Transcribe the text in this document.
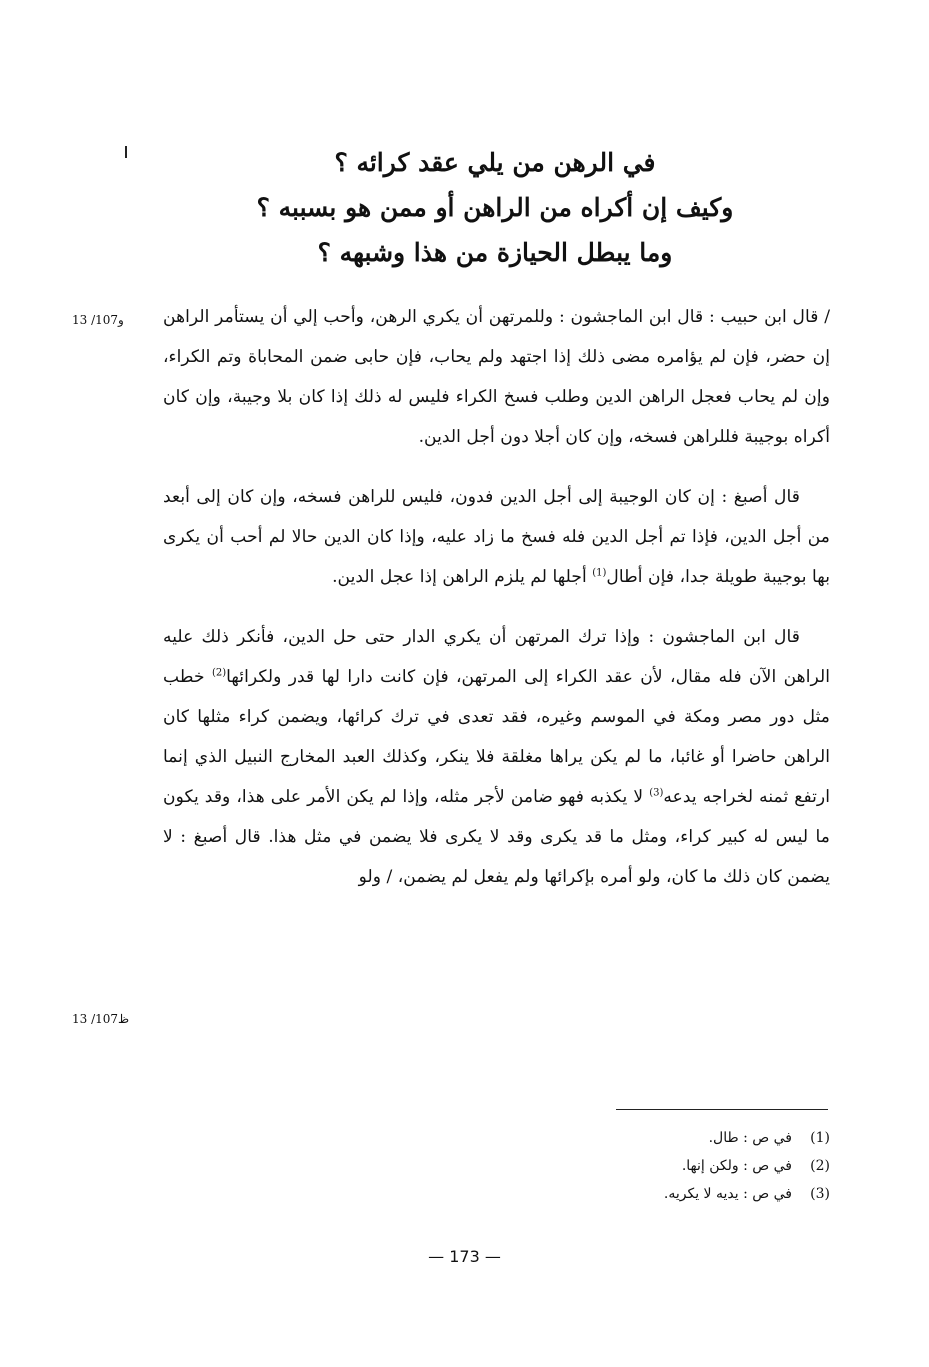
في الرهن من يلي عقد كرائه ؟
وكيف إن أكراه من الراهن أو ممن هو بسببه ؟
وما يبطل الحيازة من هذا وشبهه ؟
13 /107و
13 /107ظ

/ قال ابن حبيب : قال ابن الماجشون : وللمرتهن أن يكري الرهن، وأحب إلي أن يستأمر الراهن إن حضر، فإن لم يؤامره مضى ذلك إذا اجتهد ولم يحاب، فإن حابى ضمن المحاباة وتم الكراء، وإن لم يحاب فعجل الراهن الدين وطلب فسخ الكراء فليس له ذلك إذا كان بلا وجيبة، وإن كان أكراه بوجيبة فللراهن فسخه، وإن كان أجلا دون أجل الدين.

قال أصبغ : إن كان الوجيبة إلى أجل الدين فدون، فليس للراهن فسخه، وإن كان إلى أبعد من أجل الدين، فإذا تم أجل الدين فله فسخ ما زاد عليه، وإذا كان الدين حالا لم أحب أن يكرى بها بوجيبة طويلة جدا، فإن أطال$^{(1)}$ أجلها لم يلزم الراهن إذا عجل الدين.

قال ابن الماجشون : وإذا ترك المرتهن أن يكري الدار حتى حل الدين، فأنكر ذلك عليه الراهن الآن فله مقال، لأن عقد الكراء إلى المرتهن، فإن كانت دارا لها قدر ولكرائها$^{(2)}$ خطب مثل دور مصر ومكة في الموسم وغيره، فقد تعدى في ترك كرائها، ويضمن كراء مثلها كان الراهن حاضرا أو غائبا، ما لم يكن يراها مغلقة فلا ينكر، وكذلك العبد المخارج النبيل الذي إنما ارتفع ثمنه لخراجه يدعه$^{(3)}$ لا يكذبه فهو ضامن لأجر مثله، وإذا لم يكن الأمر على هذا، وقد يكون ما ليس له كبير كراء، ومثل ما قد يكرى وقد لا يكرى فلا يضمن في مثل هذا. قال أصبغ : لا يضمن كان ذلك ما كان، ولو أمره بإكرائها ولم يفعل لم يضمن، / ولو

(1)
في ص : طال.
(2)
في ص : ولكن إنها.
(3)
في ص : يديه لا يكريه.
— 173 —
